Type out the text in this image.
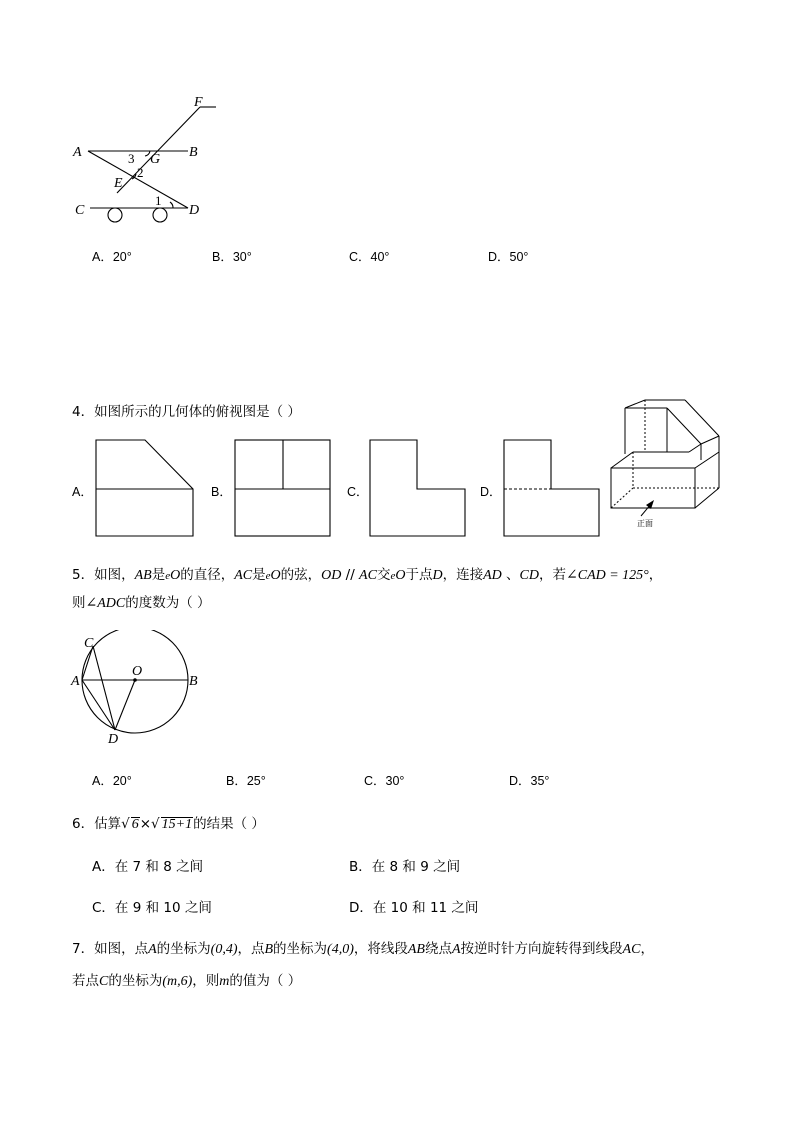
F
A	B
3 G
2
E
1
C	D
A．20°	B．30°	C．40°	D．50°
4．如图所示的几何体的俯视图是（ ）
A．	B．	C．	D．
正面
5．如图，AB是eO的直径，AC是eO的弦，OD // AC交eO于点D，连接AD 、CD，若∠CAD = 125°，
则∠ADC的度数为（ ）
C
O
A	B
D
A．20°	B．25°	C．30°	D．35°
6．估算√ 6×√ 15+1的结果（ ）
A．在 7 和 8 之间	B．在 8 和 9 之间
C．在 9 和 10 之间	D．在 10 和 11 之间
7．如图，点A的坐标为(0,4)，点B的坐标为(4,0)，将线段AB绕点A按逆时针方向旋转得到线段AC，
若点C的坐标为(m,6)，则m的值为（ ）
